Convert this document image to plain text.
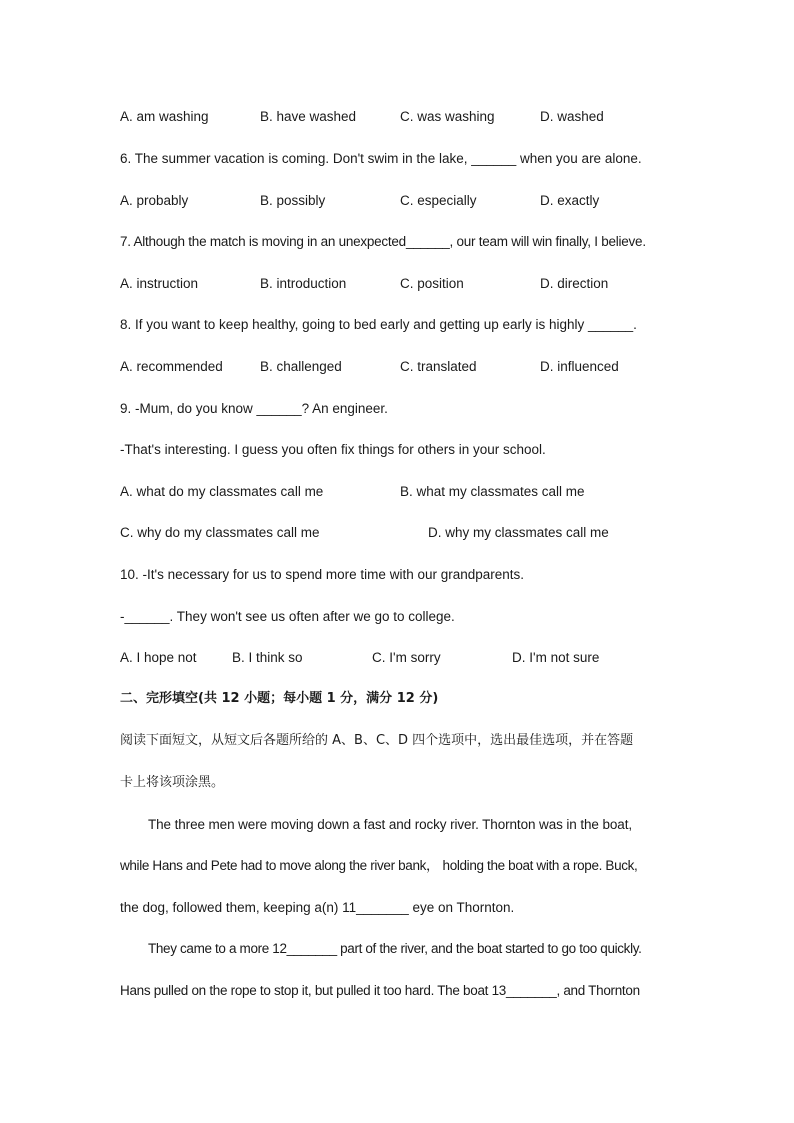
A. am washing	B. have washed	C. was washing	D. washed
6. The summer vacation is coming. Don't swim in the lake, ______ when you are alone.
A. probably	B. possibly	C. especially	D. exactly
7. Although the match is moving in an unexpected______, our team will win finally, I believe.
A. instruction	B. introduction	C. position	D. direction
8. If you want to keep healthy, going to bed early and getting up early is highly ______.
A. recommended	B. challenged	C. translated	D. influenced
9. -Mum, do you know ______? An engineer.
-That's interesting. I guess you often fix things for others in your school.
A. what do my classmates call me	B. what my classmates call me
C. why do my classmates call me	D. why my classmates call me
10. -It's necessary for us to spend more time with our grandparents.
-______. They won't see us often after we go to college.
A. I hope not	B. I think so	C. I'm sorry	D. I'm not sure
二、完形填空(共 12 小题；每小题 1 分，满分 12 分)
阅读下面短文，从短文后各题所给的 A、B、C、D 四个选项中，选出最佳选项，并在答题
卡上将该项涂黑。
The three men were moving down a fast and rocky river. Thornton was in the boat,
while Hans and Pete had to move along the river bank， holding the boat with a rope. Buck,
the dog, followed them, keeping a(n) 11_______ eye on Thornton.
They came to a more 12_______ part of the river, and the boat started to go too quickly.
Hans pulled on the rope to stop it, but pulled it too hard. The boat 13_______, and Thornton
